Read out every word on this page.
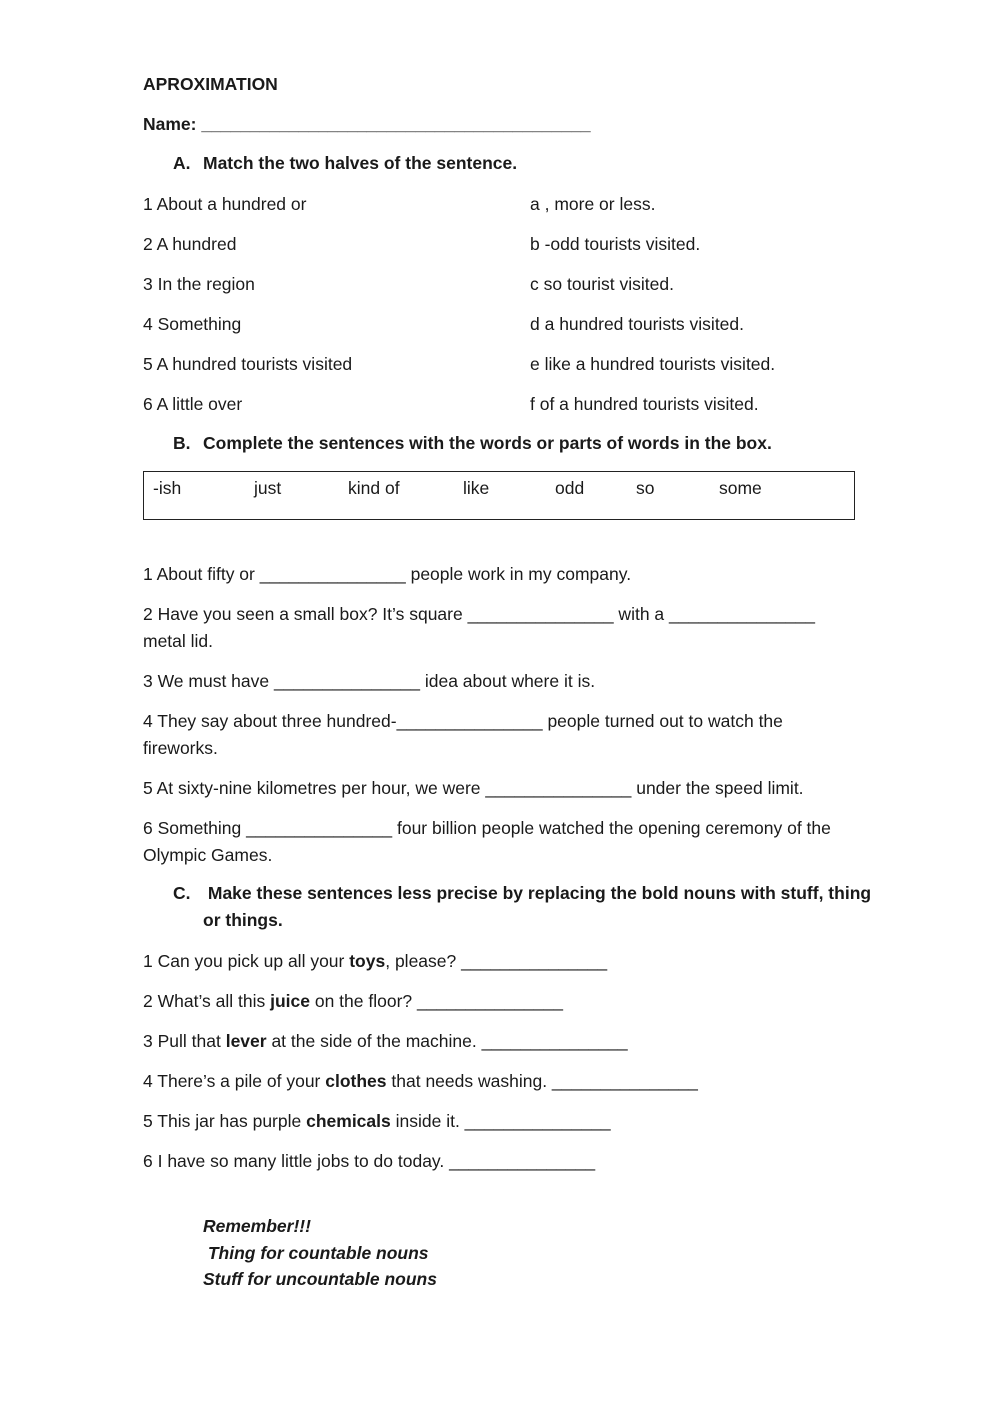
APROXIMATION
Name: ________________________________________
A. Match the two halves of the sentence.
1 About a hundred or	a , more or less.
2 A hundred	b -odd tourists visited.
3 In the region	c so tourist visited.
4 Something	d a hundred tourists visited.
5 A hundred tourists visited	e like a hundred tourists visited.
6 A little over	f of a hundred tourists visited.
B. Complete the sentences with the words or parts of words in the box.
-ish	just	kind of	like	odd	so	some
1 About fifty or _______________ people work in my company.
2 Have you seen a small box? It’s square _______________ with a _______________ metal lid.
3 We must have _______________ idea about where it is.
4 They say about three hundred-_______________ people turned out to watch the fireworks.
5 At sixty-nine kilometres per hour, we were _______________ under the speed limit.
6 Something _______________ four billion people watched the opening ceremony of the Olympic Games.
C. Make these sentences less precise by replacing the bold nouns with stuff, thing or things.
1 Can you pick up all your toys, please? _______________
2 What’s all this juice on the floor? _______________
3 Pull that lever at the side of the machine. _______________
4 There’s a pile of your clothes that needs washing. _______________
5 This jar has purple chemicals inside it. _______________
6 I have so many little jobs to do today. _______________
Remember!!!
Thing for countable nouns
Stuff for uncountable nouns
